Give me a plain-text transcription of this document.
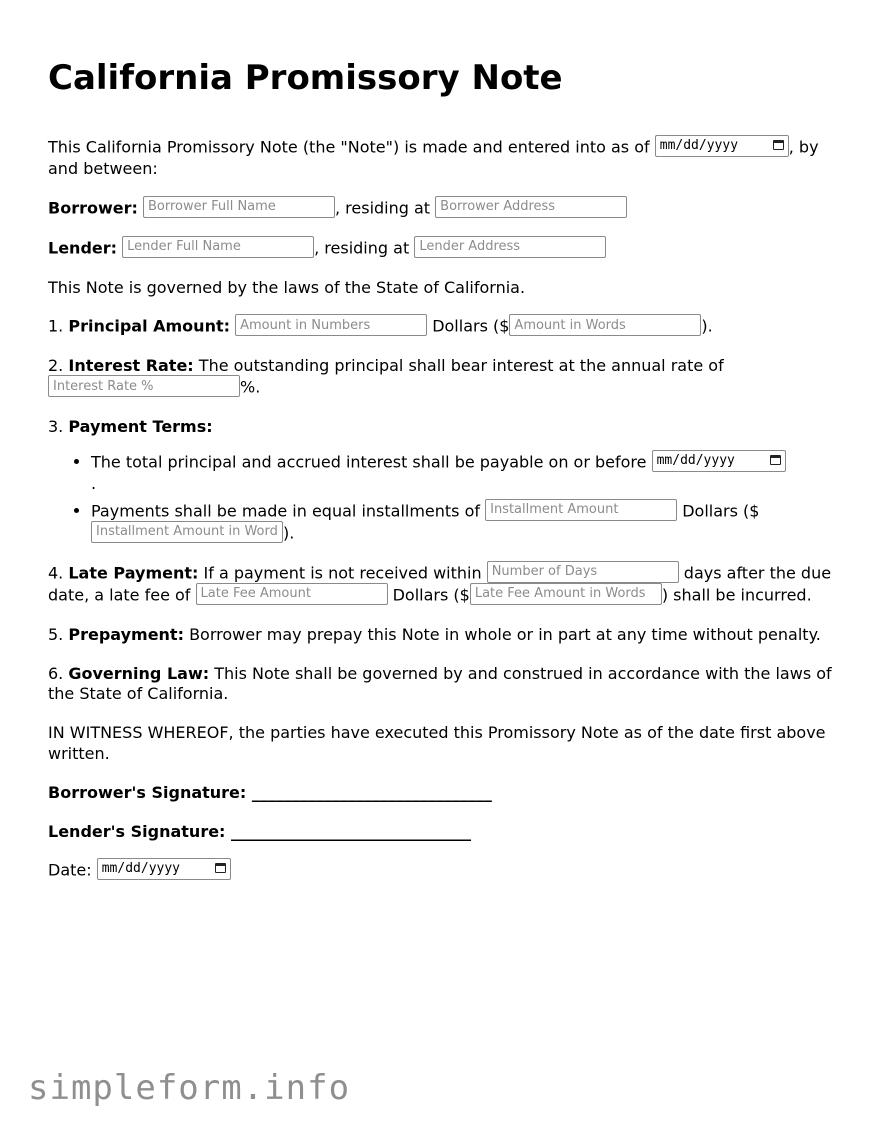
California Promissory Note

This California Promissory Note (the "Note") is made and entered into as of mm/dd/yyyy	, by and between:

Borrower: Borrower Full Name	, residing at Borrower Address

Lender: Lender Full Name	, residing at Lender Address

This Note is governed by the laws of the State of California.

1. Principal Amount: Amount in Numbers	Dollars ($Amount in Words	).

2. Interest Rate: The outstanding principal shall bear interest at the annual rate of Interest Rate %%.

3. Payment Terms:

• The total principal and accrued interest shall be payable on or before mm/dd/yyyy

.
• Payments shall be made in equal installments of Installment Amount	Dollars ($ Installment Amount in Words).

4. Late Payment: If a payment is not received within Number of Days	days after the due date, a late fee of Late Fee Amount	Dollars ($Late Fee Amount in Words	) shall be incurred.

5. Prepayment: Borrower may prepay this Note in whole or in part at any time without penalty.

6. Governing Law: This Note shall be governed by and construed in accordance with the laws of the State of California.

IN WITNESS WHEREOF, the parties have executed this Promissory Note as of the date first above written.

Borrower's Signature: ______________________________

Lender's Signature: ______________________________

Date: mm/dd/yyyy

simpleform.info
